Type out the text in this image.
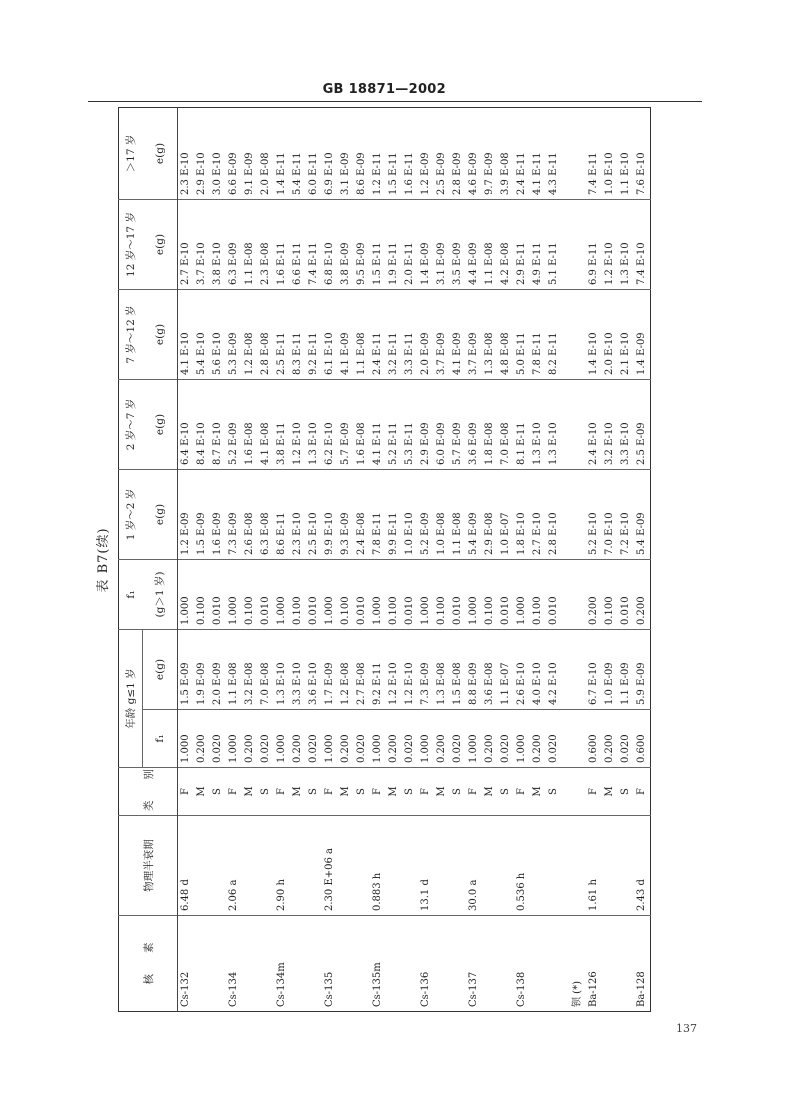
GB 18871—2002
表 B7(续)
核　　素	物理半衰期	类　　别	年龄 g≤1 岁		f₁	1 岁～2 岁	2 岁～7 岁	7 岁～12 岁	12 岁～17 岁	＞17 岁
			f₁	e(g)	(g＞1 岁)	e(g)	e(g)	e(g)	e(g)	e(g)
Cs-132	6.48 d	F	1.000	1.5 E-09	1.000	1.2 E-09	6.4 E-10	4.1 E-10	2.7 E-10	2.3 E-10
		M	0.200	1.9 E-09	0.100	1.5 E-09	8.4 E-10	5.4 E-10	3.7 E-10	2.9 E-10
		S	0.020	2.0 E-09	0.010	1.6 E-09	8.7 E-10	5.6 E-10	3.8 E-10	3.0 E-10
Cs-134	2.06 a	F	1.000	1.1 E-08	1.000	7.3 E-09	5.2 E-09	5.3 E-09	6.3 E-09	6.6 E-09
		M	0.200	3.2 E-08	0.100	2.6 E-08	1.6 E-08	1.2 E-08	1.1 E-08	9.1 E-09
		S	0.020	7.0 E-08	0.010	6.3 E-08	4.1 E-08	2.8 E-08	2.3 E-08	2.0 E-08
Cs-134m	2.90 h	F	1.000	1.3 E-10	1.000	8.6 E-11	3.8 E-11	2.5 E-11	1.6 E-11	1.4 E-11
		M	0.200	3.3 E-10	0.100	2.3 E-10	1.2 E-10	8.3 E-11	6.6 E-11	5.4 E-11
		S	0.020	3.6 E-10	0.010	2.5 E-10	1.3 E-10	9.2 E-11	7.4 E-11	6.0 E-11
Cs-135	2.30 E+06 a	F	1.000	1.7 E-09	1.000	9.9 E-10	6.2 E-10	6.1 E-10	6.8 E-10	6.9 E-10
		M	0.200	1.2 E-08	0.100	9.3 E-09	5.7 E-09	4.1 E-09	3.8 E-09	3.1 E-09
		S	0.020	2.7 E-08	0.010	2.4 E-08	1.6 E-08	1.1 E-08	9.5 E-09	8.6 E-09
Cs-135m	0.883 h	F	1.000	9.2 E-11	1.000	7.8 E-11	4.1 E-11	2.4 E-11	1.5 E-11	1.2 E-11
		M	0.200	1.2 E-10	0.100	9.9 E-11	5.2 E-11	3.2 E-11	1.9 E-11	1.5 E-11
		S	0.020	1.2 E-10	0.010	1.0 E-10	5.3 E-11	3.3 E-11	2.0 E-11	1.6 E-11
Cs-136	13.1 d	F	1.000	7.3 E-09	1.000	5.2 E-09	2.9 E-09	2.0 E-09	1.4 E-09	1.2 E-09
		M	0.200	1.3 E-08	0.100	1.0 E-08	6.0 E-09	3.7 E-09	3.1 E-09	2.5 E-09
		S	0.020	1.5 E-08	0.010	1.1 E-08	5.7 E-09	4.1 E-09	3.5 E-09	2.8 E-09
Cs-137	30.0 a	F	1.000	8.8 E-09	1.000	5.4 E-09	3.6 E-09	3.7 E-09	4.4 E-09	4.6 E-09
		M	0.200	3.6 E-08	0.100	2.9 E-08	1.8 E-08	1.3 E-08	1.1 E-08	9.7 E-09
		S	0.020	1.1 E-07	0.010	1.0 E-07	7.0 E-08	4.8 E-08	4.2 E-08	3.9 E-08
Cs-138	0.536 h	F	1.000	2.6 E-10	1.000	1.8 E-10	8.1 E-11	5.0 E-11	2.9 E-11	2.4 E-11
		M	0.200	4.0 E-10	0.100	2.7 E-10	1.3 E-10	7.8 E-11	4.9 E-11	4.1 E-11
		S	0.020	4.2 E-10	0.010	2.8 E-10	1.3 E-10	8.2 E-11	5.1 E-11	4.3 E-11

钡 (*)										
Ba-126	1.61 h	F	0.600	6.7 E-10	0.200	5.2 E-10	2.4 E-10	1.4 E-10	6.9 E-11	7.4 E-11
		M	0.200	1.0 E-09	0.100	7.0 E-10	3.2 E-10	2.0 E-10	1.2 E-10	1.0 E-10
		S	0.020	1.1 E-09	0.010	7.2 E-10	3.3 E-10	2.1 E-10	1.3 E-10	1.1 E-10
Ba-128	2.43 d	F	0.600	5.9 E-09	0.200	5.4 E-09	2.5 E-09	1.4 E-09	7.4 E-10	7.6 E-10
137
